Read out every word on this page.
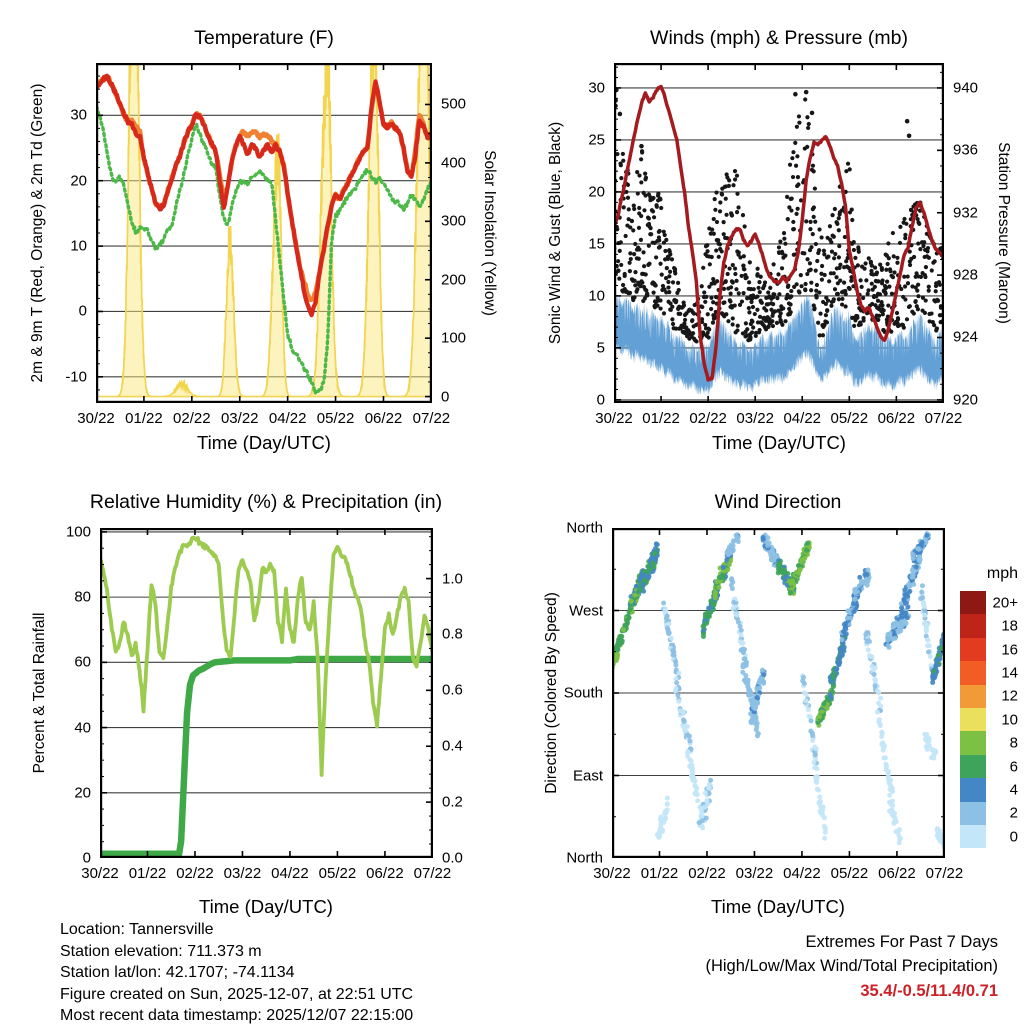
Temperature (F)	Winds (mph) & Pressure (mb)
Relative Humidity (%) & Precipitation (in)	Wind Direction
2m & 9m T (Red, Orange) & 2m Td (Green)	Solar Insolation (Yellow)	Sonic Wind & Gust (Blue, Black)	Station Pressure (Maroon)
Percent & Total Rainfall	Direction (Colored By Speed)
Time (Day/UTC)	Time (Day/UTC)
Time (Day/UTC)	Time (Day/UTC)
-10
0
10
20
30
0
100
200
300
400
500
30/22 01/22 02/22 03/22 04/22 05/22 06/22 07/22
0
5
10
15
20
25
30
920
924
928
932
936
940
30/22 01/22 02/22 03/22 04/22 05/22 06/22 07/22
0
20
40
60
80
100
0.0
0.2
0.4
0.6
0.8
1.0
30/22 01/22 02/22 03/22 04/22 05/22 06/22 07/22
North
East
South
West
North
30/22 01/22 02/22 03/22 04/22 05/22 06/22 07/22
20+
18
16
14
12
10
8
6
4
2
0
mph
Location: Tannersville
Station elevation: 711.373 m
Station lat/lon: 42.1707; -74.1134
Figure created on Sun, 2025-12-07, at 22:51 UTC
Most recent data timestamp: 2025/12/07 22:15:00
Extremes For Past 7 Days
(High/Low/Max Wind/Total Precipitation)
35.4/-0.5/11.4/0.71
